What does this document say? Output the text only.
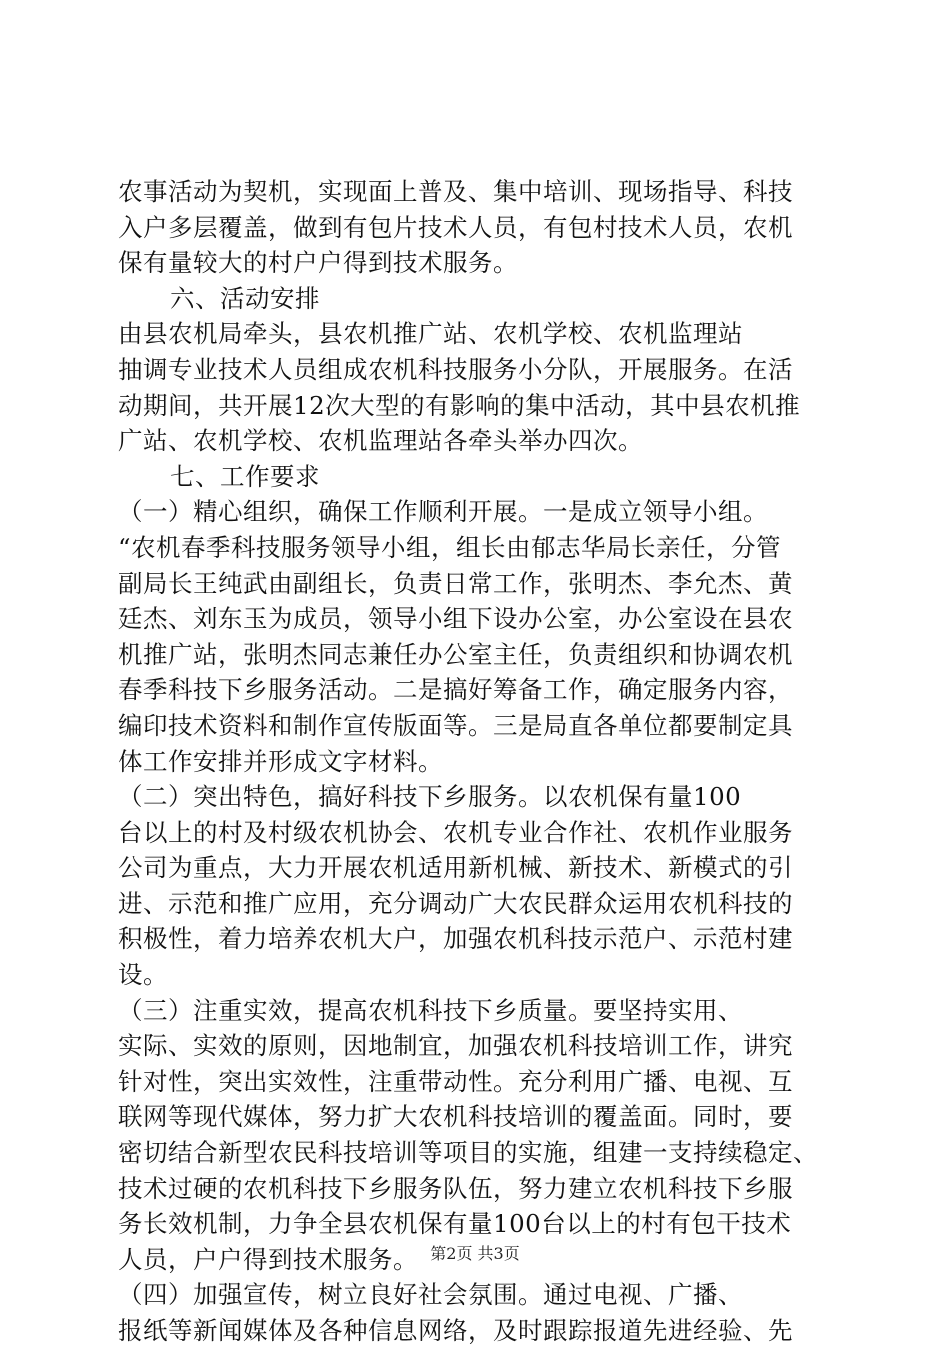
农事活动为契机，实现面上普及、集中培训、现场指导、科技
入户多层覆盖，做到有包片技术人员，有包村技术人员，农机
保有量较大的村户户得到技术服务。

六、活动安排

由县农机局牵头，县农机推广站、农机学校、农机监理站
抽调专业技术人员组成农机科技服务小分队，开展服务。在活
动期间，共开展12次大型的有影响的集中活动，其中县农机推
广站、农机学校、农机监理站各牵头举办四次。

七、工作要求

（一）精心组织，确保工作顺利开展。一是成立领导小组。
“农机春季科技服务领导小组，组长由郁志华局长亲任，分管
副局长王纯武由副组长，负责日常工作，张明杰、李允杰、黄
廷杰、刘东玉为成员，领导小组下设办公室，办公室设在县农
机推广站，张明杰同志兼任办公室主任，负责组织和协调农机
春季科技下乡服务活动。二是搞好筹备工作，确定服务内容，
编印技术资料和制作宣传版面等。三是局直各单位都要制定具
体工作安排并形成文字材料。

（二）突出特色，搞好科技下乡服务。以农机保有量100
台以上的村及村级农机协会、农机专业合作社、农机作业服务
公司为重点，大力开展农机适用新机械、新技术、新模式的引
进、示范和推广应用，充分调动广大农民群众运用农机科技的
积极性，着力培养农机大户，加强农机科技示范户、示范村建
设。

（三）注重实效，提高农机科技下乡质量。要坚持实用、
实际、实效的原则，因地制宜，加强农机科技培训工作，讲究
针对性，突出实效性，注重带动性。充分利用广播、电视、互
联网等现代媒体，努力扩大农机科技培训的覆盖面。同时，要
密切结合新型农民科技培训等项目的实施，组建一支持续稳定、
技术过硬的农机科技下乡服务队伍，努力建立农机科技下乡服
务长效机制，力争全县农机保有量100台以上的村有包干技术
人员，户户得到技术服务。

（四）加强宣传，树立良好社会氛围。通过电视、广播、
报纸等新闻媒体及各种信息网络，及时跟踪报道先进经验、先

第2页 共3页
